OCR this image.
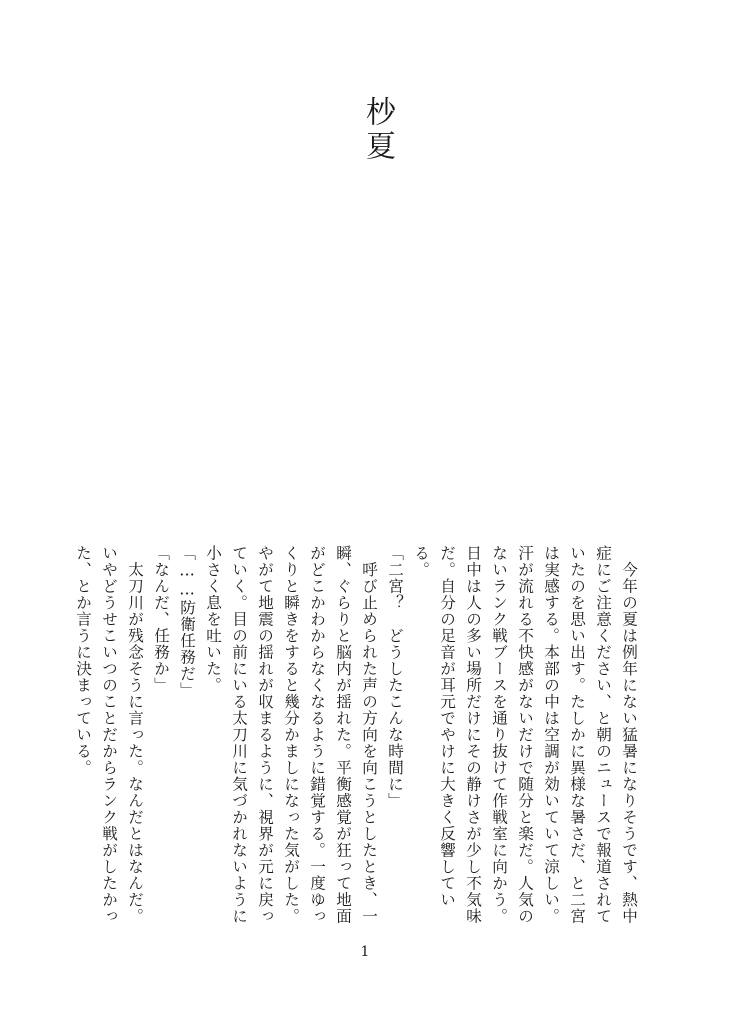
杪夏

　今年の夏は例年にない猛暑になりそうです、熱中症にご注意ください、と朝のニュースで報道されていたのを思い出す。たしかに異様な暑さだ、と二宮は実感する。本部の中は空調が効いていて涼しい。汗が流れる不快感がないだけで随分と楽だ。人気のないランク戦ブースを通り抜けて作戦室に向かう。日中は人の多い場所だけにその静けさが少し不気味だ。自分の足音が耳元でやけに大きく反響している。

「二宮？　どうしたこんな時間に」

　呼び止められた声の方向を向こうとしたとき、一瞬、ぐらりと脳内が揺れた。平衡感覚が狂って地面がどこかわからなくなるように錯覚する。一度ゆっくりと瞬きをすると幾分かましになった気がした。やがて地震の揺れが収まるように、視界が元に戻っていく。目の前にいる太刀川に気づかれないように小さく息を吐いた。

「……防衛任務だ」

「なんだ、任務か」

　太刀川が残念そうに言った。なんだとはなんだ。いやどうせこいつのことだからランク戦がしたかった、とか言うに決まっている。

1
